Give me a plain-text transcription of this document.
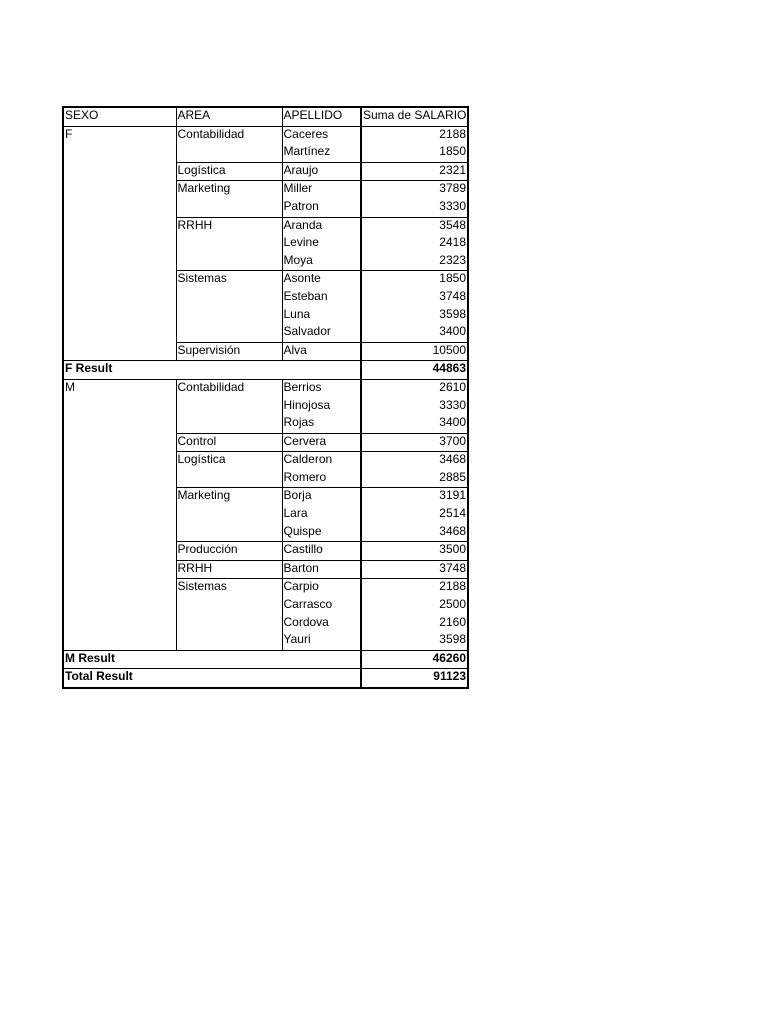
SEXO	AREA	APELLIDO	Suma de SALARIO
F	Contabilidad	Caceres	2188
		Martínez	1850
	Logística	Araujo	2321
	Marketing	Miller	3789
		Patron	3330
	RRHH	Aranda	3548
		Levine	2418
		Moya	2323
	Sistemas	Asonte	1850
		Esteban	3748
		Luna	3598
		Salvador	3400
	Supervisión	Alva	10500
F Result			44863
M	Contabilidad	Berrios	2610
		Hinojosa	3330
		Rojas	3400
	Control	Cervera	3700
	Logística	Calderon	3468
		Romero	2885
	Marketing	Borja	3191
		Lara	2514
		Quispe	3468
	Producción	Castillo	3500
	RRHH	Barton	3748
	Sistemas	Carpio	2188
		Carrasco	2500
		Cordova	2160
		Yauri	3598
M Result			46260
Total Result			91123
